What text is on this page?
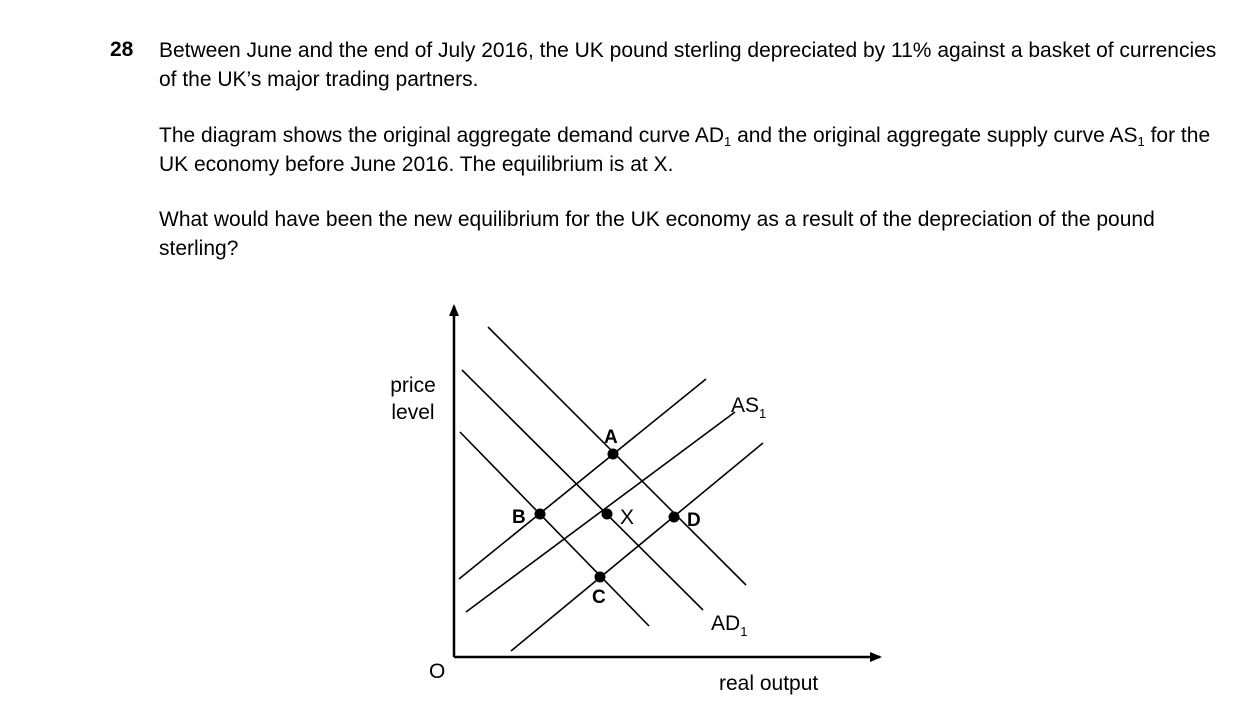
28 Between June and the end of July 2016, the UK pound sterling depreciated by 11% against a basket of currencies of the UK’s major trading partners.
The diagram shows the original aggregate demand curve $AD_1$ and the original aggregate supply curve $AS_1$ for the UK economy before June 2016. The equilibrium is at X.
What would have been the new equilibrium for the UK economy as a result of the depreciation of the pound sterling?
A
B
C
D
X
$AS_1$
$AD_1$
price
level
O
real output
